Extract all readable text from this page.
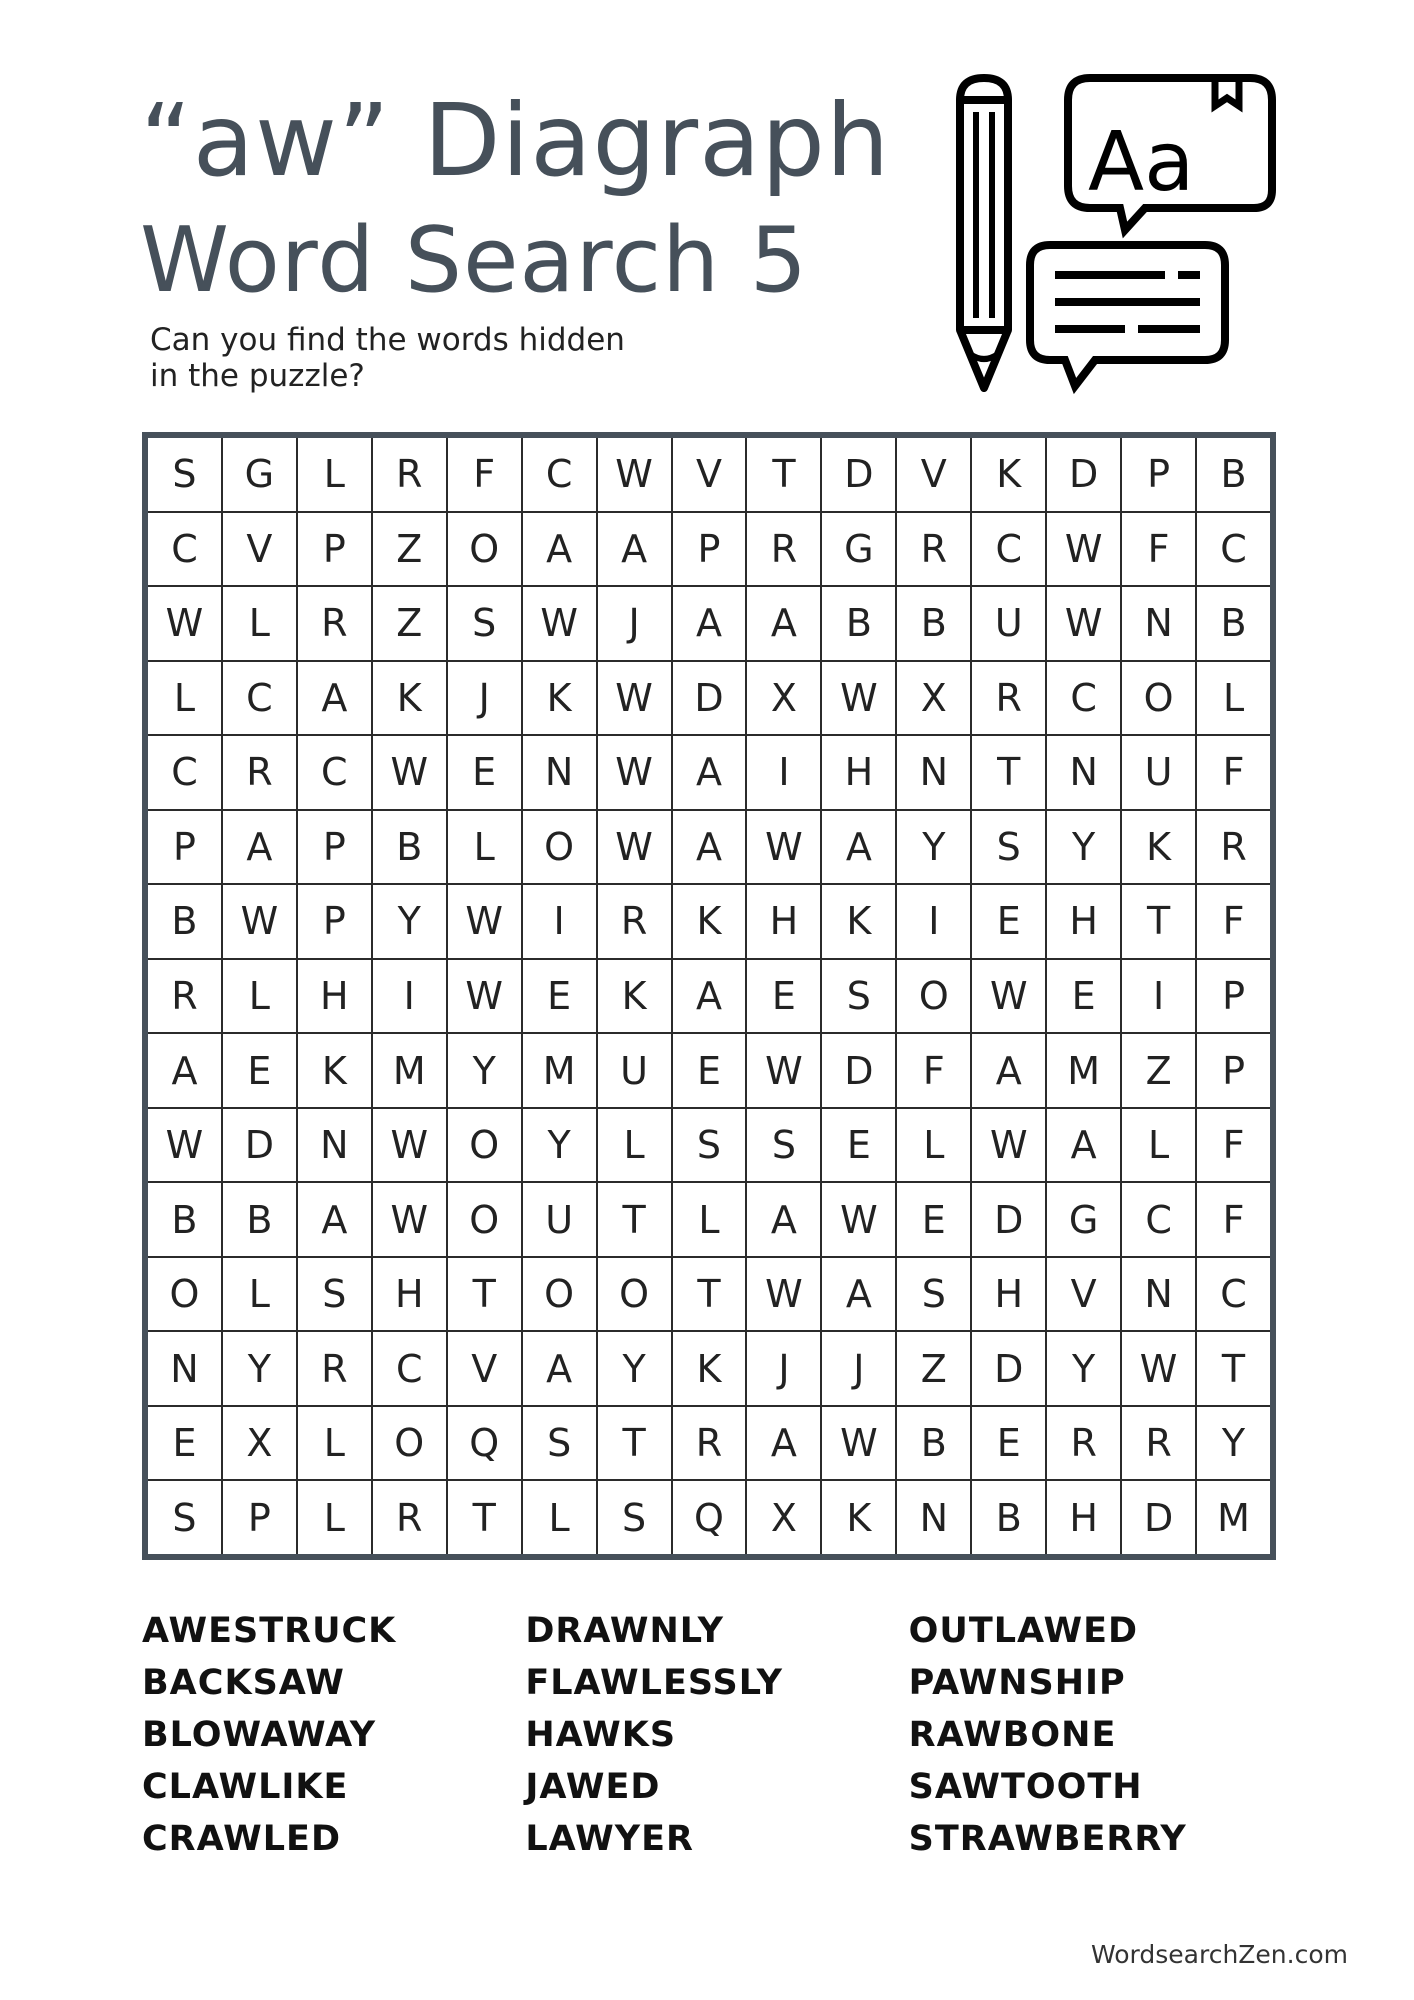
“aw” Diagraph
Word Search 5
Can you find the words hidden
in the puzzle?
Aa
S	G	L	R	F	C	W	V	T	D	V	K	D	P	B
C	V	P	Z	O	A	A	P	R	G	R	C	W	F	C
W	L	R	Z	S	W	J	A	A	B	B	U	W	N	B
L	C	A	K	J	K	W	D	X	W	X	R	C	O	L
C	R	C	W	E	N	W	A	I	H	N	T	N	U	F
P	A	P	B	L	O	W	A	W	A	Y	S	Y	K	R
B	W	P	Y	W	I	R	K	H	K	I	E	H	T	F
R	L	H	I	W	E	K	A	E	S	O	W	E	I	P
A	E	K	M	Y	M	U	E	W	D	F	A	M	Z	P
W	D	N	W	O	Y	L	S	S	E	L	W	A	L	F
B	B	A	W	O	U	T	L	A	W	E	D	G	C	F
O	L	S	H	T	O	O	T	W	A	S	H	V	N	C
N	Y	R	C	V	A	Y	K	J	J	Z	D	Y	W	T
E	X	L	O	Q	S	T	R	A	W	B	E	R	R	Y
S	P	L	R	T	L	S	Q	X	K	N	B	H	D	M
AWESTRUCK
BACKSAW
BLOWAWAY
CLAWLIKE
CRAWLED
DRAWNLY
FLAWLESSLY
HAWKS
JAWED
LAWYER
OUTLAWED
PAWNSHIP
RAWBONE
SAWTOOTH
STRAWBERRY
WordsearchZen.com
